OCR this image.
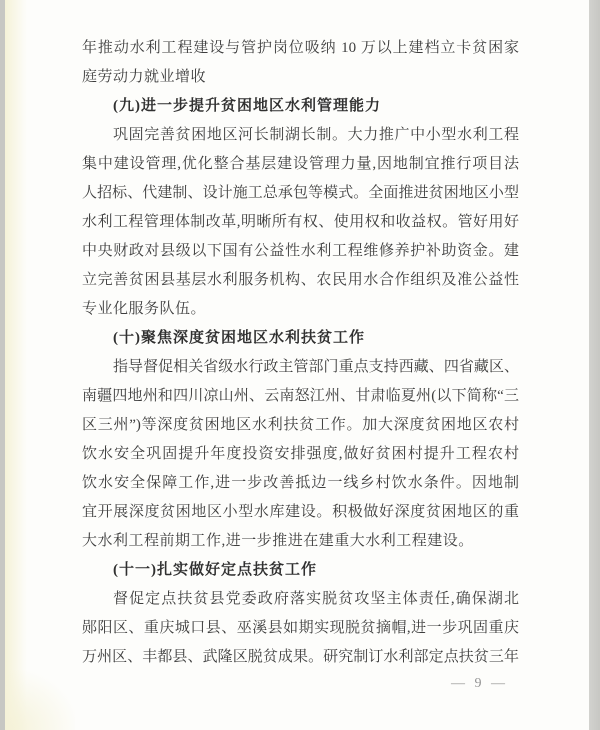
年推动水利工程建设与管护岗位吸纳 10 万以上建档立卡贫困家
庭劳动力就业增收
(九)进一步提升贫困地区水利管理能力
巩固完善贫困地区河长制湖长制。大力推广中小型水利工程
集中建设管理,优化整合基层建设管理力量,因地制宜推行项目法
人招标、代建制、设计施工总承包等模式。全面推进贫困地区小型
水利工程管理体制改革,明晰所有权、使用权和收益权。管好用好
中央财政对县级以下国有公益性水利工程维修养护补助资金。建
立完善贫困县基层水利服务机构、农民用水合作组织及准公益性
专业化服务队伍。
(十)聚焦深度贫困地区水利扶贫工作
指导督促相关省级水行政主管部门重点支持西藏、四省藏区、
南疆四地州和四川凉山州、云南怒江州、甘肃临夏州(以下简称“三
区三州”)等深度贫困地区水利扶贫工作。加大深度贫困地区农村
饮水安全巩固提升年度投资安排强度,做好贫困村提升工程农村
饮水安全保障工作,进一步改善抵边一线乡村饮水条件。因地制
宜开展深度贫困地区小型水库建设。积极做好深度贫困地区的重
大水利工程前期工作,进一步推进在建重大水利工程建设。
(十一)扎实做好定点扶贫工作
督促定点扶贫县党委政府落实脱贫攻坚主体责任,确保湖北
郧阳区、重庆城口县、巫溪县如期实现脱贫摘帽,进一步巩固重庆
万州区、丰都县、武隆区脱贫成果。研究制订水利部定点扶贫三年
— 9 —
